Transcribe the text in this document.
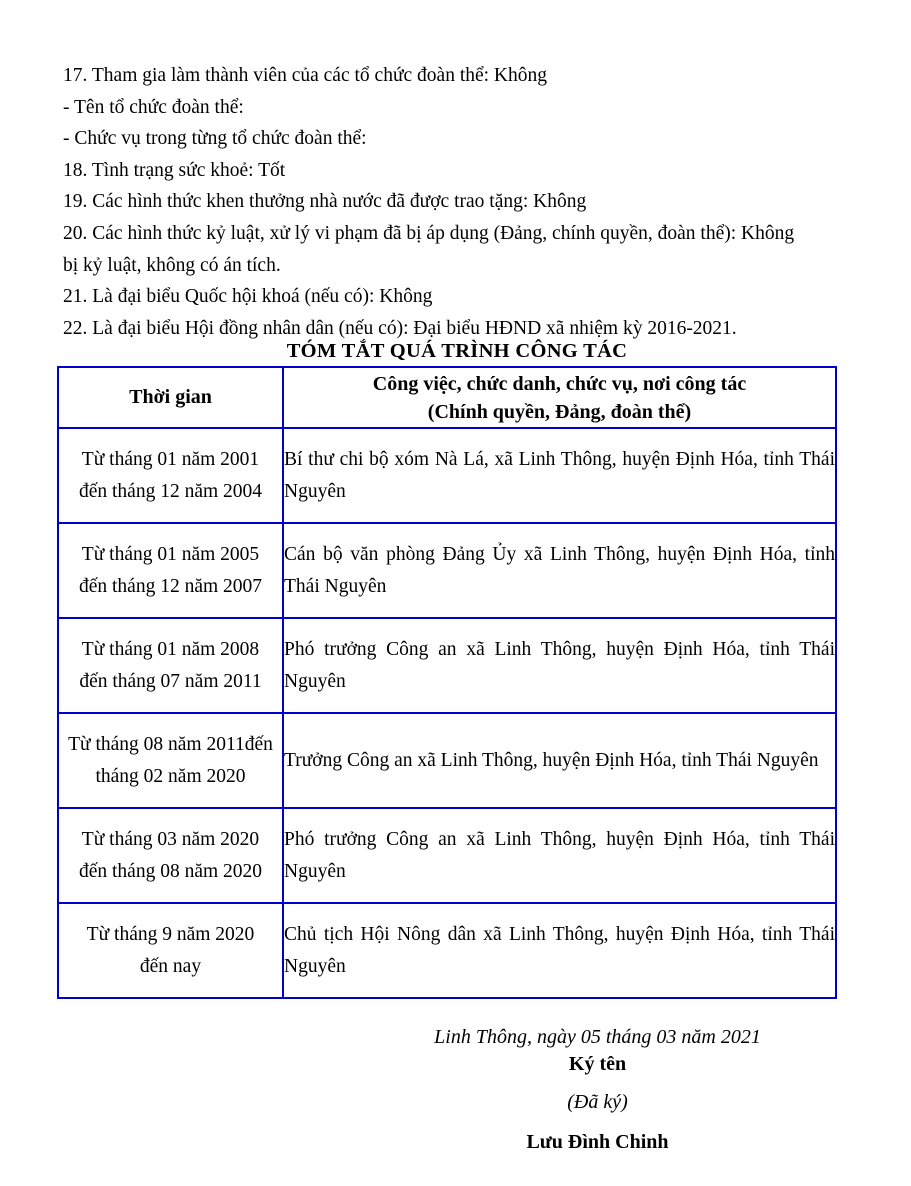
17. Tham gia làm thành viên của các tổ chức đoàn thể: Không
- Tên tổ chức đoàn thể:
- Chức vụ trong từng tổ chức đoàn thể:
18. Tình trạng sức khoẻ: Tốt
19. Các hình thức khen thưởng nhà nước đã được trao tặng: Không
20. Các hình thức kỷ luật, xử lý vi phạm đã bị áp dụng (Đảng, chính quyền, đoàn thể): Không
bị kỷ luật, không có án tích.
21. Là đại biểu Quốc hội khoá (nếu có): Không
22. Là đại biểu Hội đồng nhân dân (nếu có): Đại biểu HĐND xã nhiệm kỳ 2016-2021.
TÓM TẮT QUÁ TRÌNH CÔNG TÁC
Thời gian	Công việc, chức danh, chức vụ, nơi công tác
(Chính quyền, Đảng, đoàn thể)

Từ tháng 01 năm 2001
đến tháng 12 năm 2004	Bí thư chi bộ xóm Nà Lá, xã Linh Thông, huyện Định Hóa, tỉnh Thái Nguyên

Từ tháng 01 năm 2005
đến tháng 12 năm 2007	Cán bộ văn phòng Đảng Ủy xã Linh Thông, huyện Định Hóa, tỉnh Thái Nguyên

Từ tháng 01 năm 2008
đến tháng 07 năm 2011	Phó trưởng Công an xã Linh Thông, huyện Định Hóa, tỉnh Thái Nguyên

Từ tháng 08 năm 2011đến
tháng 02 năm 2020	Trưởng Công an xã Linh Thông, huyện Định Hóa, tỉnh Thái Nguyên

Từ tháng 03 năm 2020
đến tháng 08 năm 2020	Phó trưởng Công an xã Linh Thông, huyện Định Hóa, tỉnh Thái Nguyên

Từ tháng 9 năm 2020
đến nay	Chủ tịch Hội Nông dân xã Linh Thông, huyện Định Hóa, tỉnh Thái Nguyên
Linh Thông, ngày 05 tháng 03 năm 2021
Ký tên
(Đã ký)
Lưu Đình Chinh
